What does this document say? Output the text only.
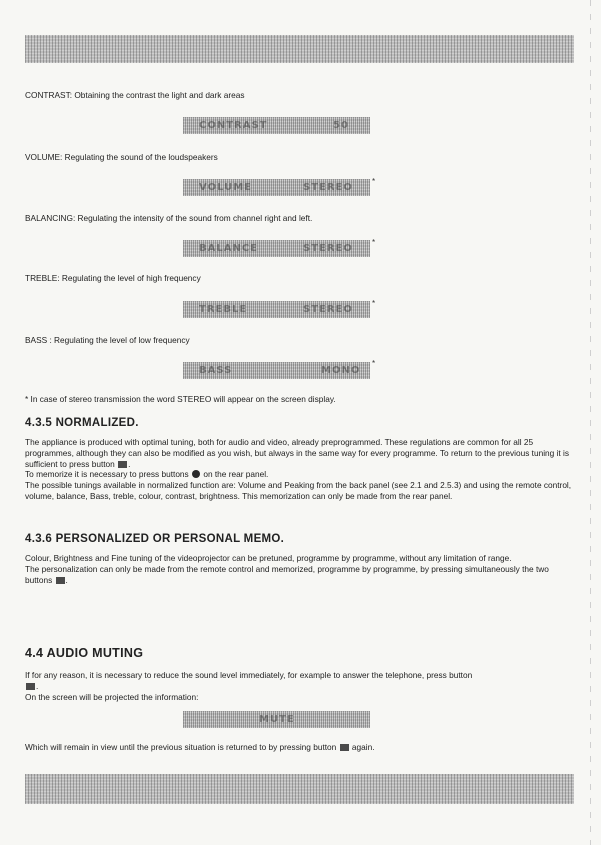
CONTRAST: Obtaining the contrast the light and dark areas
CONTRAST	50
VOLUME: Regulating the sound of the loudspeakers
VOLUME	STEREO
*
BALANCING: Regulating the intensity of the sound from channel right and left.
BALANCE	STEREO
*
TREBLE: Regulating the level of high frequency
TREBLE	STEREO
*
BASS : Regulating the level of low frequency
BASS	MONO
*
* In case of stereo transmission the word STEREO will appear on the screen display.
4.3.5 NORMALIZED.
The appliance is produced with optimal tuning, both for audio and video, already preprogrammed. These regulations are common for all 25 programmes, although they can also be modified as you wish, but always in the same way for every programme. To return to the previous tuning it is sufficient to press button .
To memorize it is necessary to press buttons on the rear panel.
The possible tunings available in normalized function are: Volume and Peaking from the back panel (see 2.1 and 2.5.3) and using the remote control, volume, balance, Bass, treble, colour, contrast, brightness. This memorization can only be made from the rear panel.
4.3.6 PERSONALIZED OR PERSONAL MEMO.
Colour, Brightness and Fine tuning of the videoprojector can be pretuned, programme by programme, without any limitation of range.
The personalization can only be made from the remote control and memorized, programme by programme, by pressing simultaneously the two buttons .
4.4 AUDIO MUTING
If for any reason, it is necessary to reduce the sound level immediately, for example to answer the telephone, press button
.
On the screen will be projected the information:
MUTE
Which will remain in view until the previous situation is returned to by pressing button again.
